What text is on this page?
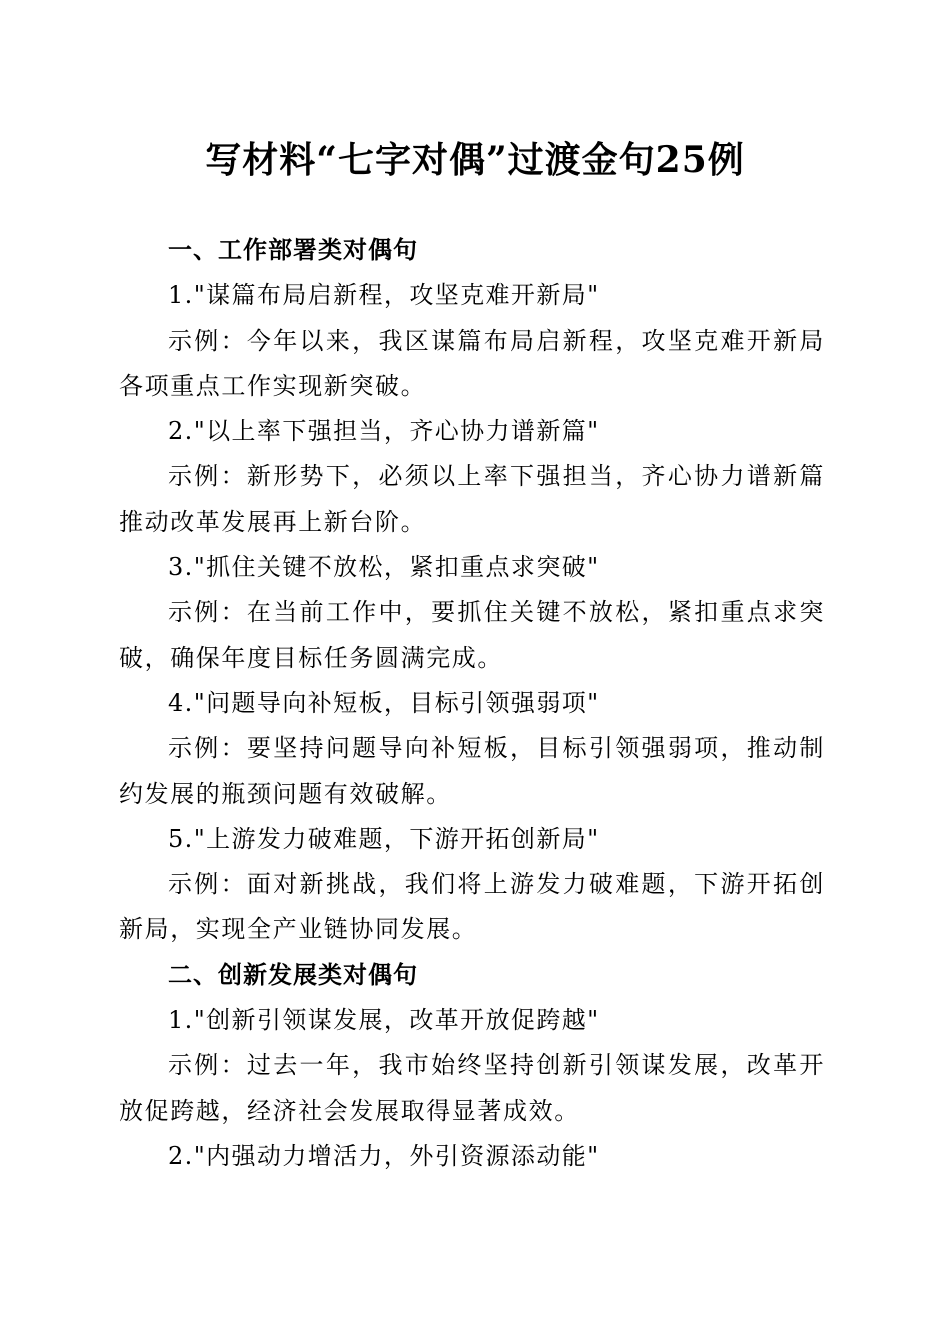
写材料“七字对偶”过渡金句25例

一、工作部署类对偶句

1."谋篇布局启新程，攻坚克难开新局"

示例：今年以来，我区谋篇布局启新程，攻坚克难开新局各项重点工作实现新突破。

2."以上率下强担当，齐心协力谱新篇"

示例：新形势下，必须以上率下强担当，齐心协力谱新篇推动改革发展再上新台阶。

3."抓住关键不放松，紧扣重点求突破"

示例：在当前工作中，要抓住关键不放松，紧扣重点求突破，确保年度目标任务圆满完成。

4."问题导向补短板，目标引领强弱项"

示例：要坚持问题导向补短板，目标引领强弱项，推动制约发展的瓶颈问题有效破解。

5."上游发力破难题，下游开拓创新局"

示例：面对新挑战，我们将上游发力破难题，下游开拓创新局，实现全产业链协同发展。

二、创新发展类对偶句

1."创新引领谋发展，改革开放促跨越"

示例：过去一年，我市始终坚持创新引领谋发展，改革开放促跨越，经济社会发展取得显著成效。

2."内强动力增活力，外引资源添动能"
